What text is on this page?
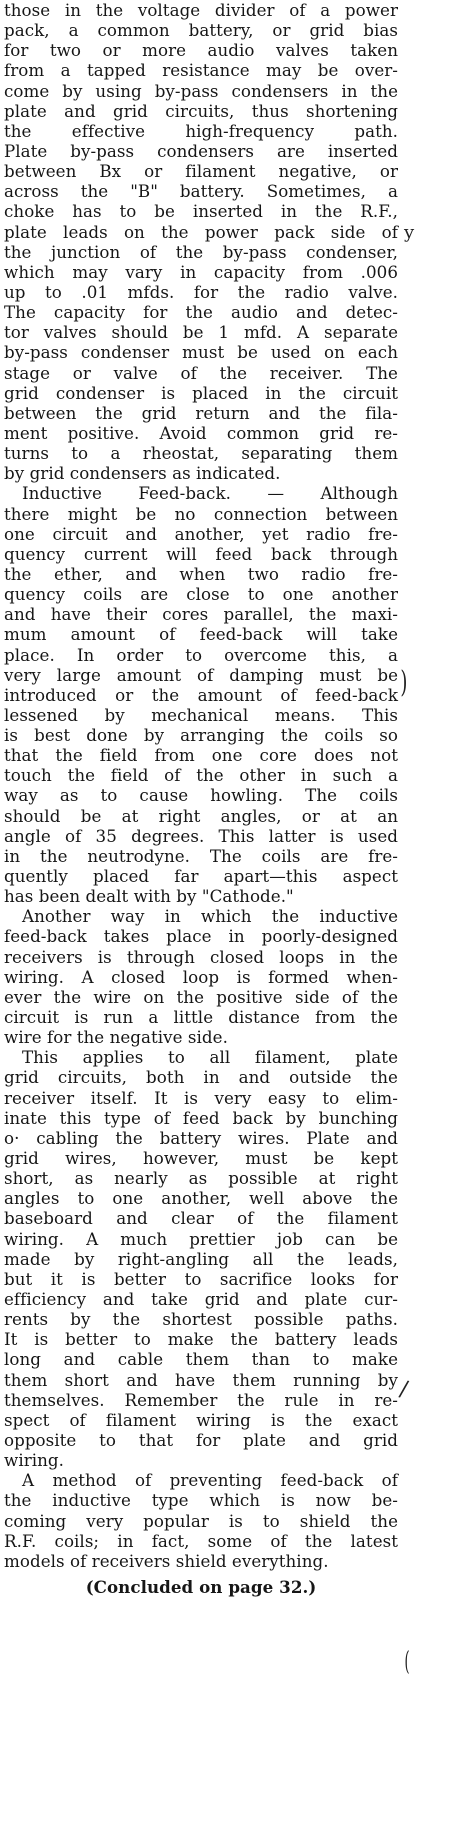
those in the voltage divider of a power
pack, a common battery, or grid bias
for two or more audio valves taken
from a tapped resistance may be over-
come by using by-pass condensers in the
plate and grid circuits, thus shortening
the effective high-frequency path.
Plate by-pass condensers are inserted
between Bx or filament negative, or
across the "B" battery. Sometimes, a
choke has to be inserted in the R.F.,
plate leads on the power pack side of
the junction of the by-pass condenser,
which may vary in capacity from .006
up to .01 mfds. for the radio valve.
The capacity for the audio and detec-
tor valves should be 1 mfd. A separate
by-pass condenser must be used on each
stage or valve of the receiver. The
grid condenser is placed in the circuit
between the grid return and the fila-
ment positive. Avoid common grid re-
turns to a rheostat, separating them
by grid condensers as indicated.
Inductive Feed-back. — Although
there might be no connection between
one circuit and another, yet radio fre-
quency current will feed back through
the ether, and when two radio fre-
quency coils are close to one another
and have their cores parallel, the maxi-
mum amount of feed-back will take
place. In order to overcome this, a
very large amount of damping must be
introduced or the amount of feed-back
lessened by mechanical means. This
is best done by arranging the coils so
that the field from one core does not
touch the field of the other in such a
way as to cause howling. The coils
should be at right angles, or at an
angle of 35 degrees. This latter is used
in the neutrodyne. The coils are fre-
quently placed far apart—this aspect
has been dealt with by "Cathode."
Another way in which the inductive
feed-back takes place in poorly-designed
receivers is through closed loops in the
wiring. A closed loop is formed when-
ever the wire on the positive side of the
circuit is run a little distance from the
wire for the negative side.
This applies to all filament, plate
grid circuits, both in and outside the
receiver itself. It is very easy to elim-
inate this type of feed back by bunching
o· cabling the battery wires. Plate and
grid wires, however, must be kept
short, as nearly as possible at right
angles to one another, well above the
baseboard and clear of the filament
wiring. A much prettier job can be
made by right-angling all the leads,
but it is better to sacrifice looks for
efficiency and take grid and plate cur-
rents by the shortest possible paths.
It is better to make the battery leads
long and cable them than to make
them short and have them running by
themselves. Remember the rule in re-
spect of filament wiring is the exact
opposite to that for plate and grid
wiring.
A method of preventing feed-back of
the inductive type which is now be-
coming very popular is to shield the
R.F. coils; in fact, some of the latest
models of receivers shield everything.
(Concluded on page 32.)
y
)
/
(
